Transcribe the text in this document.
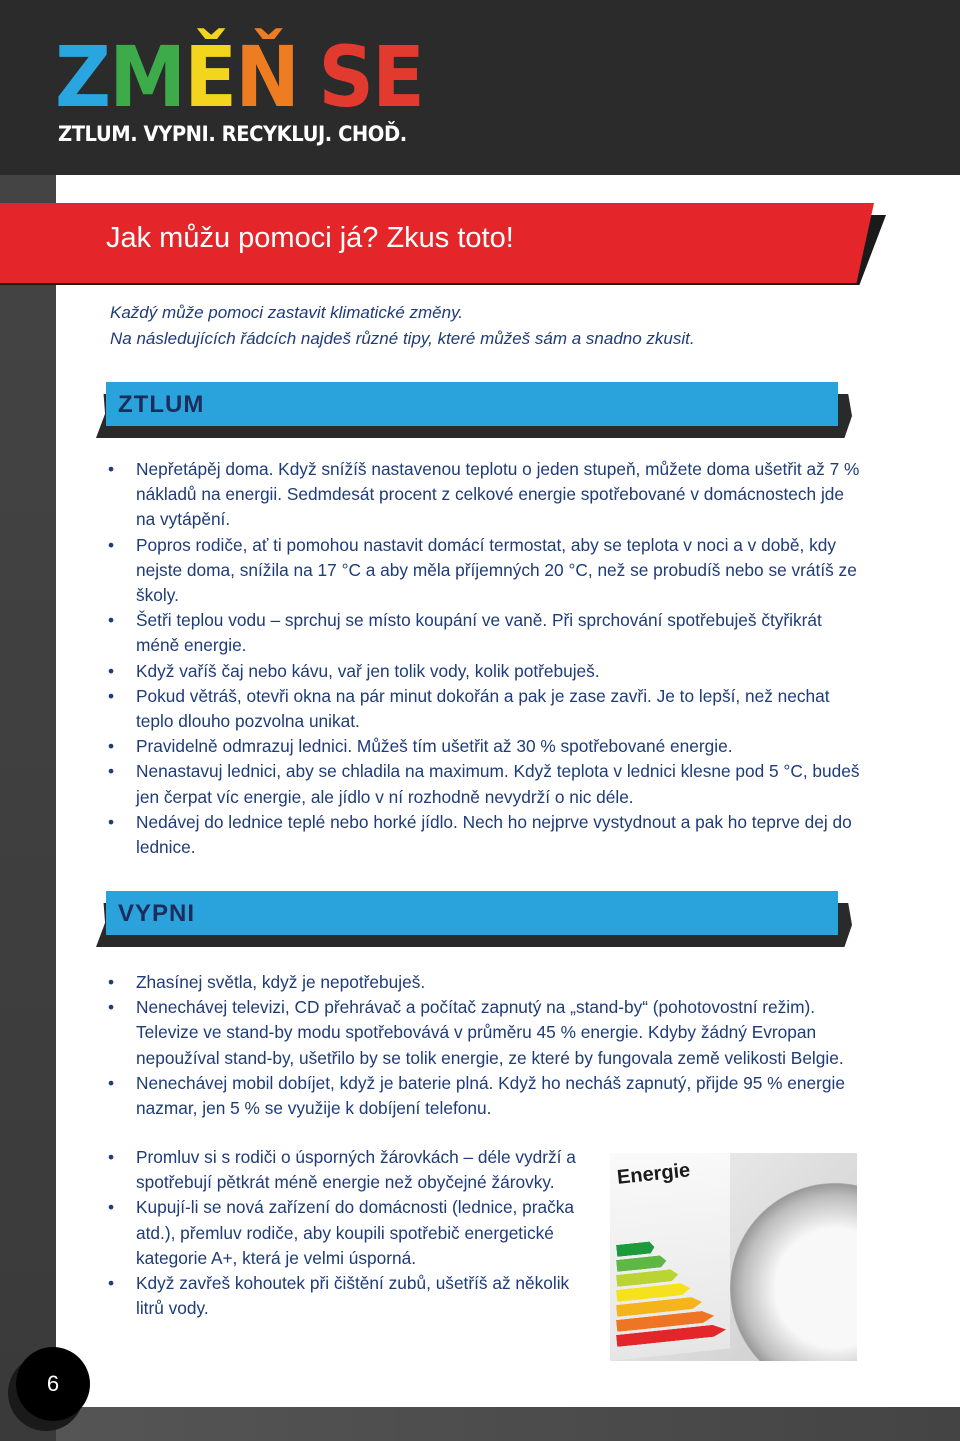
ZMĚŇ SE
ZTLUM. VYPNI. RECYKLUJ. CHOĎ.
Jak můžu pomoci já? Zkus toto!

Každý může pomoci zastavit klimatické změny.

Na následujících řádcích najdeš různé tipy, které můžeš sám a snadno zkusit.

ZTLUM
• Nepřetápěj doma. Když snížíš nastavenou teplotu o jeden stupeň, můžete doma ušetřit až 7 % nákladů na energii. Sedmdesát procent z celkové energie spotřebované v domácnostech jde na vytápění.
• Popros rodiče, ať ti pomohou nastavit domácí termostat, aby se teplota v noci a v době, kdy nejste doma, snížila na 17 °C a aby měla příjemných 20 °C, než se probudíš nebo se vrátíš ze školy.
• Šetři teplou vodu – sprchuj se místo koupání ve vaně. Při sprchování spotřebuješ čtyřikrát méně energie.
• Když vaříš čaj nebo kávu, vař jen tolik vody, kolik potřebuješ.
• Pokud větráš, otevři okna na pár minut dokořán a pak je zase zavři. Je to lepší, než nechat teplo dlouho pozvolna unikat.
• Pravidelně odmrazuj lednici. Můžeš tím ušetřit až 30 % spotřebované energie.
• Nenastavuj lednici, aby se chladila na maximum. Když teplota v lednici klesne pod 5 °C, budeš jen čerpat víc energie, ale jídlo v ní rozhodně nevydrží o nic déle.
• Nedávej do lednice teplé nebo horké jídlo. Nech ho nejprve vystydnout a pak ho teprve dej do lednice.
VYPNI
• Zhasínej světla, když je nepotřebuješ.
• Nenechávej televizi, CD přehrávač a počítač zapnutý na „stand-by“ (pohotovostní režim). Televize ve stand-by modu spotřebovává v průměru 45 % energie. Kdyby žádný Evropan nepoužíval stand-by, ušetřilo by se tolik energie, ze které by fungovala země velikosti Belgie.
• Nenechávej mobil dobíjet, když je baterie plná. Když ho necháš zapnutý, přijde 95 % energie nazmar, jen 5 % se využije k dobíjení telefonu.
• Promluv si s rodiči o úsporných žárovkách – déle vydrží a spotřebují pětkrát méně energie než obyčejné žárovky.
• Kupují-li se nová zařízení do domácnosti (lednice, pračka atd.), přemluv rodiče, aby koupili spotřebič energetické kategorie A+, která je velmi úsporná.
• Když zavřeš kohoutek při čištění zubů, ušetříš až několik litrů vody.
Energie
6
